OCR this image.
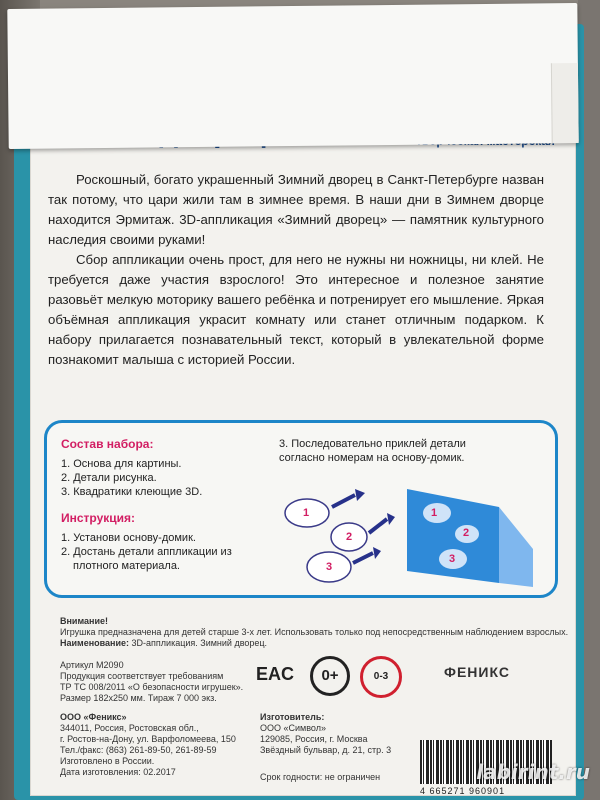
Роскошный, богато украшенный Зимний дворец в Санкт-Петербурге назван так потому, что цари жили там в зимнее время. В наши дни в Зимнем дворце находится Эрмитаж. 3D-аппликация «Зимний дворец» — памятник культурного наследия своими руками!

Сбор аппликации очень прост, для него не нужны ни ножницы, ни клей. Не требуется даже участия взрослого! Это интересное и полезное занятие разовьёт мелкую моторику вашего ребёнка и потренирует его мышление. Яркая объёмная аппликация украсит комнату или станет отличным подарком. К набору прилагается познавательный текст, который в увлекательной форме познакомит малыша с историей России.

Состав набора:
1. Основа для картины.
2. Детали рисунка.
3. Квадратики клеющие 3D.
Инструкция:
1. Установи основу-домик.
2. Достань детали аппликации из
плотного материала.
3. Последовательно приклей детали согласно номерам на основу-домик.
1
2
3
1
2
3
Внимание!
Игрушка предназначена для детей старше 3-х лет. Использовать только под непосредственным наблюдением взрослых.
Наименование: 3D-аппликация. Зимний дворец.
Артикул М2090
Продукция соответствует требованиям
ТР ТС 008/2011 «О безопасности игрушек».
Размер 182х250 мм. Тираж 7 000 экз.
ООО «Феникс»
344011, Россия, Ростовская обл.,
г. Ростов-на-Дону, ул. Варфоломеева, 150
Тел./факс: (863) 261-89-50, 261-89-59
Изготовлено в России.
Дата изготовления: 02.2017
Изготовитель:
ООО «Символ»
129085, Россия, г. Москва
Звёздный бульвар, д. 21, стр. 3
Срок годности: не ограничен
EAC	0+	0-3	ФЕНИКС
4 665271 960901
labirint.ru
